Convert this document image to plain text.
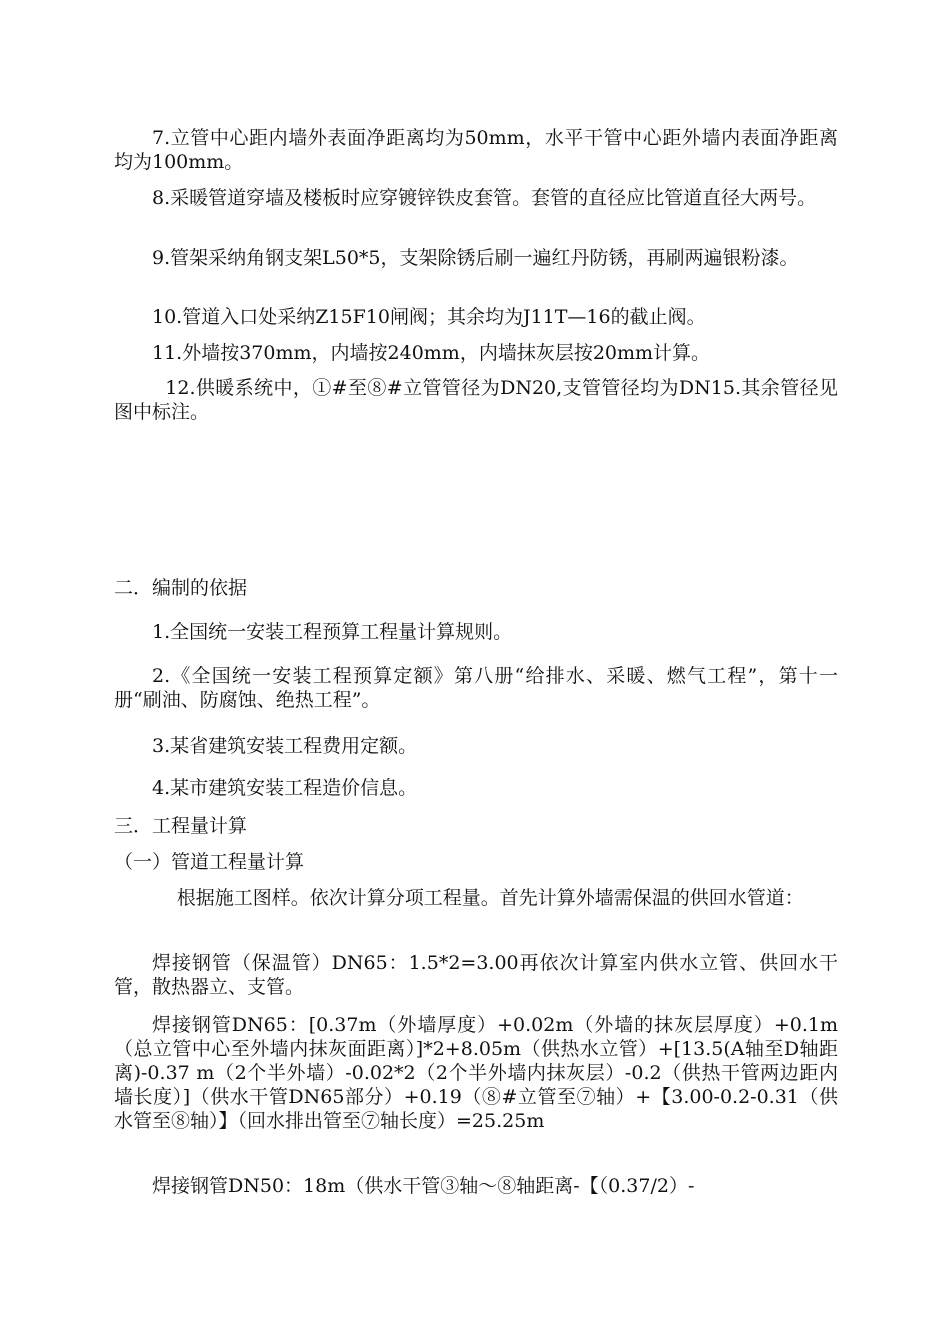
7.立管中心距内墙外表面净距离均为50mm，水平干管中心距外墙内表面净距离均为100mm。

8.采暖管道穿墙及楼板时应穿镀锌铁皮套管。套管的直径应比管道直径大两号。

9.管架采纳角钢支架L50*5，支架除锈后刷一遍红丹防锈，再刷两遍银粉漆。

10.管道入口处采纳Z15F10闸阀；其余均为J11T—16的截止阀。

11.外墙按370mm，内墙按240mm，内墙抹灰层按20mm计算。

12.供暖系统中，①#至⑧#立管管径为DN20,支管管径均为DN15.其余管径见图中标注。

二．编制的依据

1.全国统一安装工程预算工程量计算规则。

2.《全国统一安装工程预算定额》第八册“给排水、采暖、燃气工程”，第十一册“刷油、防腐蚀、绝热工程”。

3.某省建筑安装工程费用定额。

4.某市建筑安装工程造价信息。

三．工程量计算

（一）管道工程量计算

根据施工图样。依次计算分项工程量。首先计算外墙需保温的供回水管道：

焊接钢管（保温管）DN65：1.5*2=3.00再依次计算室内供水立管、供回水干管，散热器立、支管。

焊接钢管DN65：[0.37m（外墙厚度）+0.02m（外墙的抹灰层厚度）+0.1m（总立管中心至外墙内抹灰面距离）]*2+8.05m（供热水立管）+[13.5(A轴至D轴距离)-0.37 m（2个半外墙）-0.02*2（2个半外墙内抹灰层）-0.2（供热干管两边距内墙长度）]（供水干管DN65部分）+0.19（⑧#立管至⑦轴）+【3.00-0.2-0.31（供水管至⑧轴）】（回水排出管至⑦轴长度）=25.25m

焊接钢管DN50：18m（供水干管③轴～⑧轴距离-【（0.37/2）-
